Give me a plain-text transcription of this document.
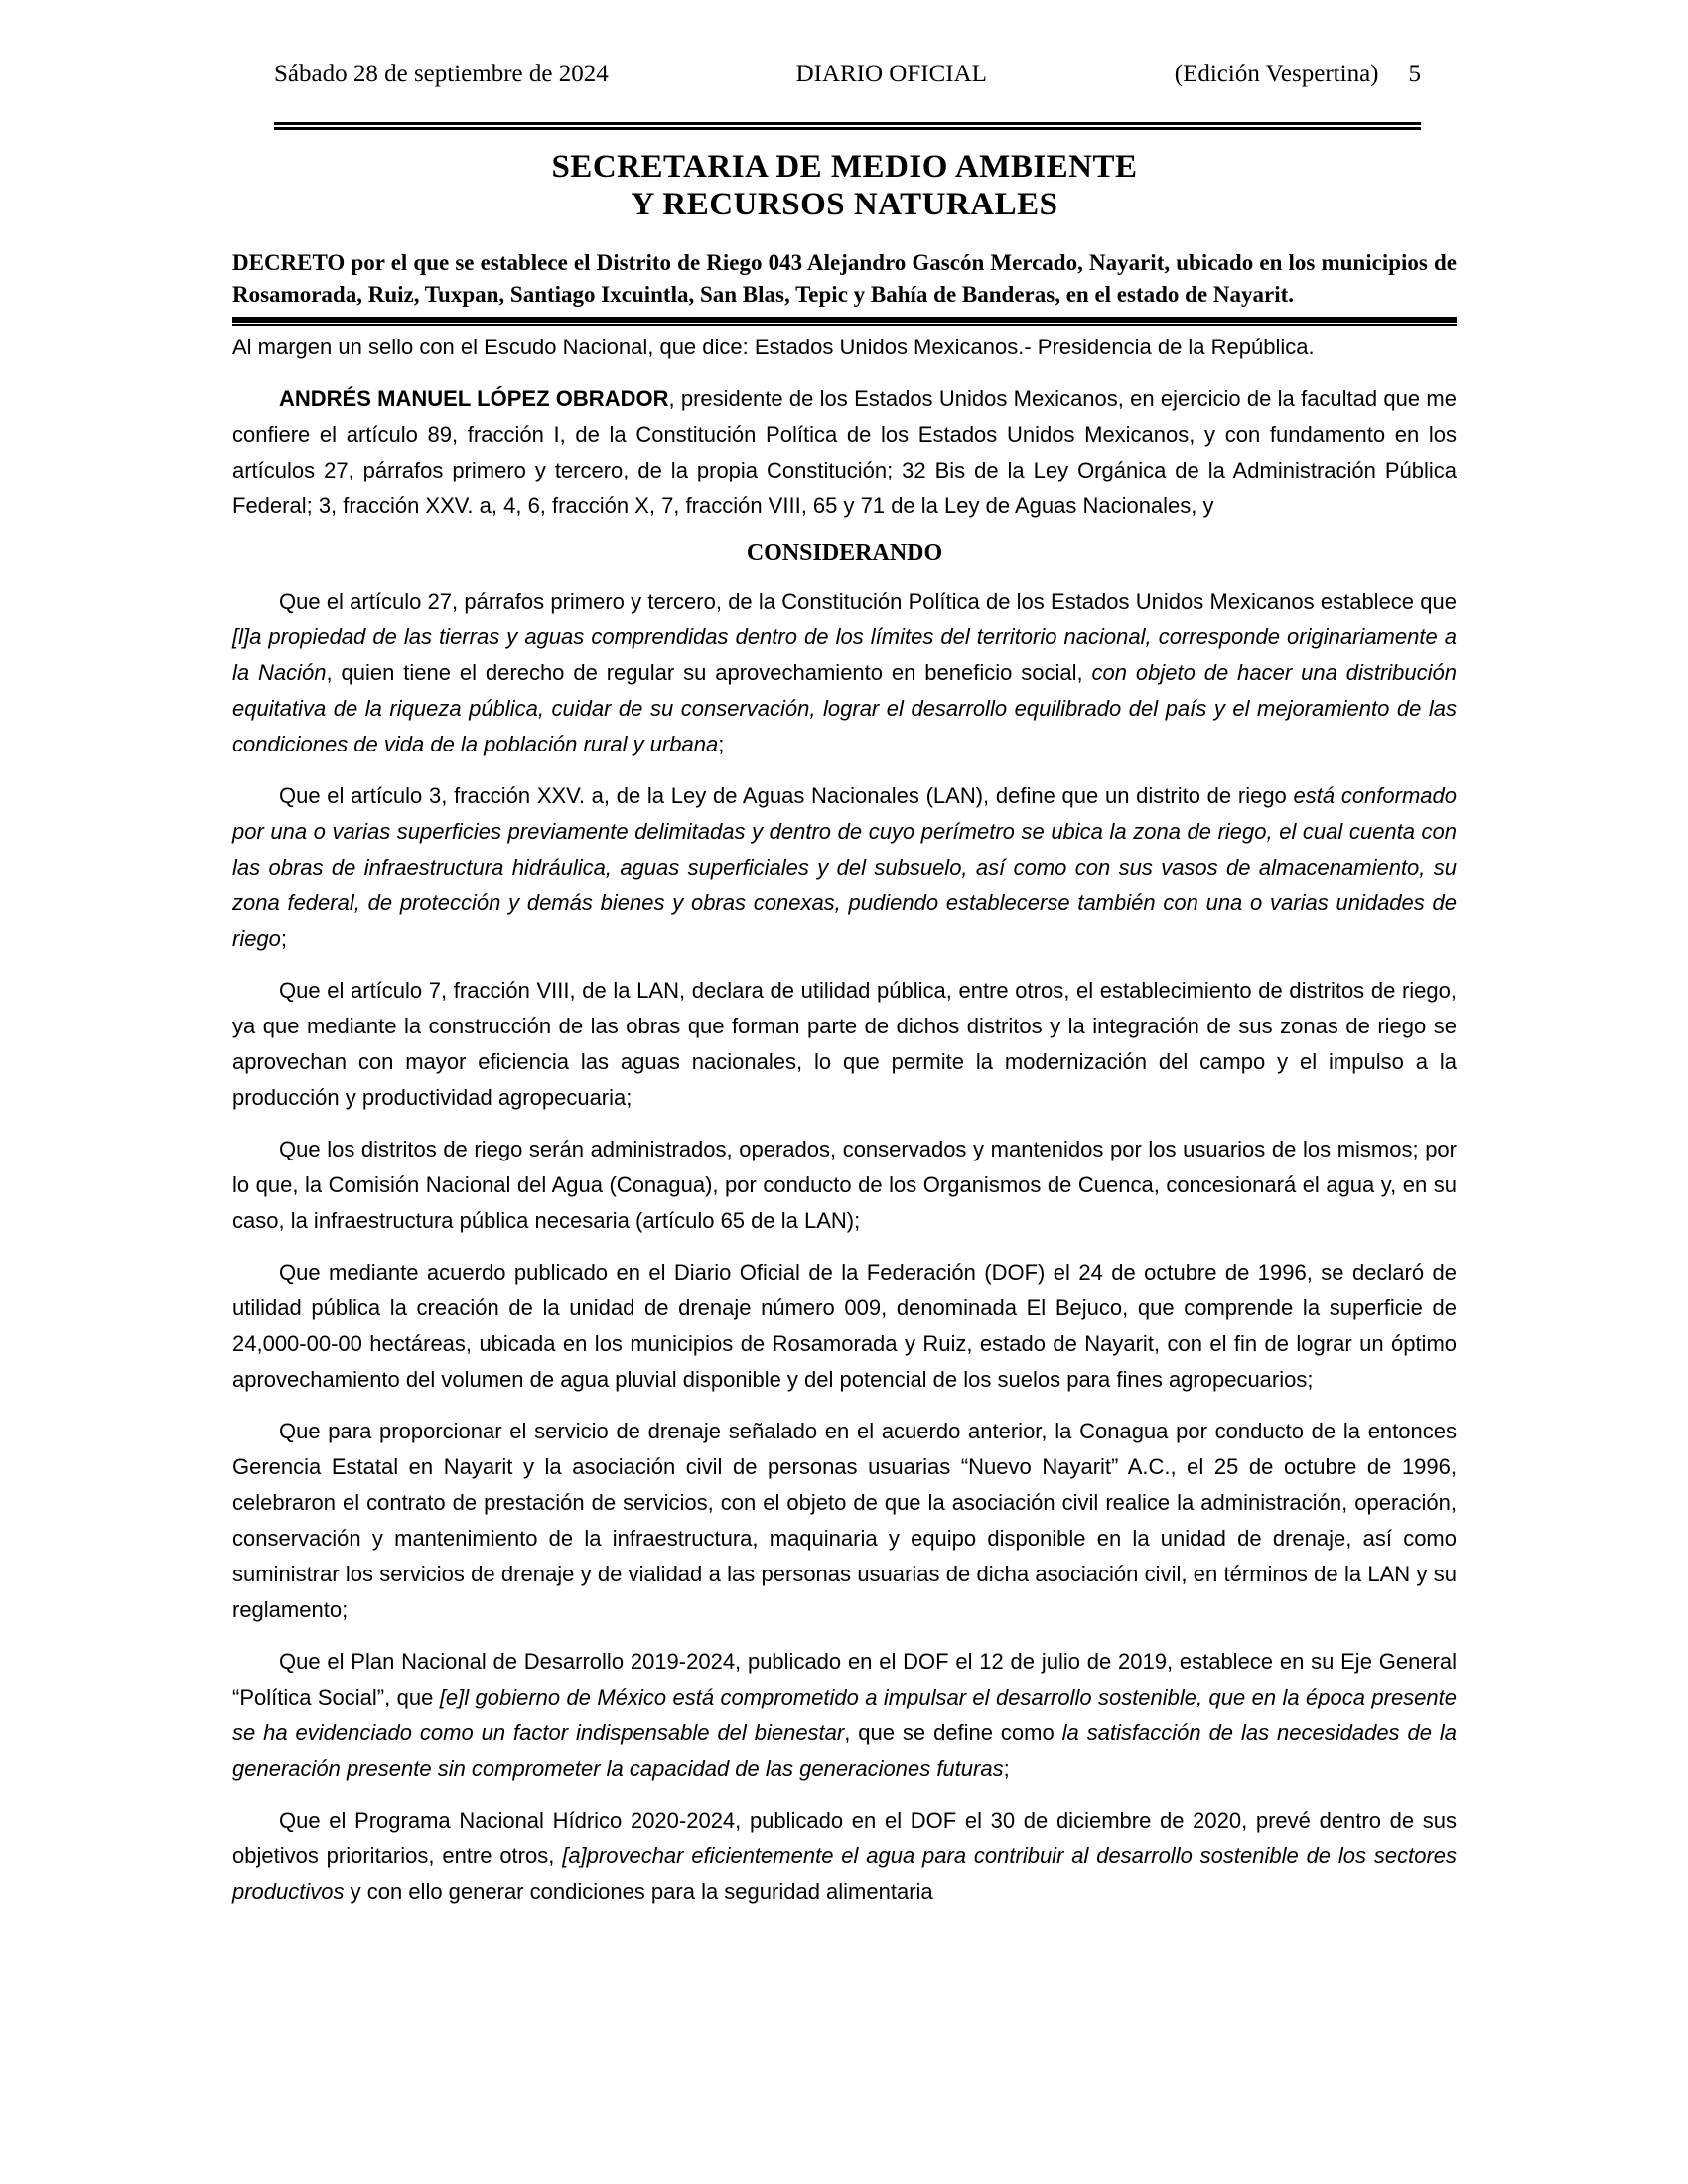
Sábado 28 de septiembre de 2024	DIARIO OFICIAL	(Edición Vespertina) 5
SECRETARIA DE MEDIO AMBIENTE
Y RECURSOS NATURALES

DECRETO por el que se establece el Distrito de Riego 043 Alejandro Gascón Mercado, Nayarit, ubicado en los municipios de Rosamorada, Ruiz, Tuxpan, Santiago Ixcuintla, San Blas, Tepic y Bahía de Banderas, en el estado de Nayarit.

Al margen un sello con el Escudo Nacional, que dice: Estados Unidos Mexicanos.- Presidencia de la República.

ANDRÉS MANUEL LÓPEZ OBRADOR, presidente de los Estados Unidos Mexicanos, en ejercicio de la facultad que me confiere el artículo 89, fracción I, de la Constitución Política de los Estados Unidos Mexicanos, y con fundamento en los artículos 27, párrafos primero y tercero, de la propia Constitución; 32 Bis de la Ley Orgánica de la Administración Pública Federal; 3, fracción XXV. a, 4, 6, fracción X, 7, fracción VIII, 65 y 71 de la Ley de Aguas Nacionales, y

CONSIDERANDO

Que el artículo 27, párrafos primero y tercero, de la Constitución Política de los Estados Unidos Mexicanos establece que [l]a propiedad de las tierras y aguas comprendidas dentro de los límites del territorio nacional, corresponde originariamente a la Nación, quien tiene el derecho de regular su aprovechamiento en beneficio social, con objeto de hacer una distribución equitativa de la riqueza pública, cuidar de su conservación, lograr el desarrollo equilibrado del país y el mejoramiento de las condiciones de vida de la población rural y urbana;

Que el artículo 3, fracción XXV. a, de la Ley de Aguas Nacionales (LAN), define que un distrito de riego está conformado por una o varias superficies previamente delimitadas y dentro de cuyo perímetro se ubica la zona de riego, el cual cuenta con las obras de infraestructura hidráulica, aguas superficiales y del subsuelo, así como con sus vasos de almacenamiento, su zona federal, de protección y demás bienes y obras conexas, pudiendo establecerse también con una o varias unidades de riego;

Que el artículo 7, fracción VIII, de la LAN, declara de utilidad pública, entre otros, el establecimiento de distritos de riego, ya que mediante la construcción de las obras que forman parte de dichos distritos y la integración de sus zonas de riego se aprovechan con mayor eficiencia las aguas nacionales, lo que permite la modernización del campo y el impulso a la producción y productividad agropecuaria;

Que los distritos de riego serán administrados, operados, conservados y mantenidos por los usuarios de los mismos; por lo que, la Comisión Nacional del Agua (Conagua), por conducto de los Organismos de Cuenca, concesionará el agua y, en su caso, la infraestructura pública necesaria (artículo 65 de la LAN);

Que mediante acuerdo publicado en el Diario Oficial de la Federación (DOF) el 24 de octubre de 1996, se declaró de utilidad pública la creación de la unidad de drenaje número 009, denominada El Bejuco, que comprende la superficie de 24,000-00-00 hectáreas, ubicada en los municipios de Rosamorada y Ruiz, estado de Nayarit, con el fin de lograr un óptimo aprovechamiento del volumen de agua pluvial disponible y del potencial de los suelos para fines agropecuarios;

Que para proporcionar el servicio de drenaje señalado en el acuerdo anterior, la Conagua por conducto de la entonces Gerencia Estatal en Nayarit y la asociación civil de personas usuarias “Nuevo Nayarit” A.C., el 25 de octubre de 1996, celebraron el contrato de prestación de servicios, con el objeto de que la asociación civil realice la administración, operación, conservación y mantenimiento de la infraestructura, maquinaria y equipo disponible en la unidad de drenaje, así como suministrar los servicios de drenaje y de vialidad a las personas usuarias de dicha asociación civil, en términos de la LAN y su reglamento;

Que el Plan Nacional de Desarrollo 2019-2024, publicado en el DOF el 12 de julio de 2019, establece en su Eje General “Política Social”, que [e]l gobierno de México está comprometido a impulsar el desarrollo sostenible, que en la época presente se ha evidenciado como un factor indispensable del bienestar, que se define como la satisfacción de las necesidades de la generación presente sin comprometer la capacidad de las generaciones futuras;

Que el Programa Nacional Hídrico 2020-2024, publicado en el DOF el 30 de diciembre de 2020, prevé dentro de sus objetivos prioritarios, entre otros, [a]provechar eficientemente el agua para contribuir al desarrollo sostenible de los sectores productivos y con ello generar condiciones para la seguridad alimentaria
